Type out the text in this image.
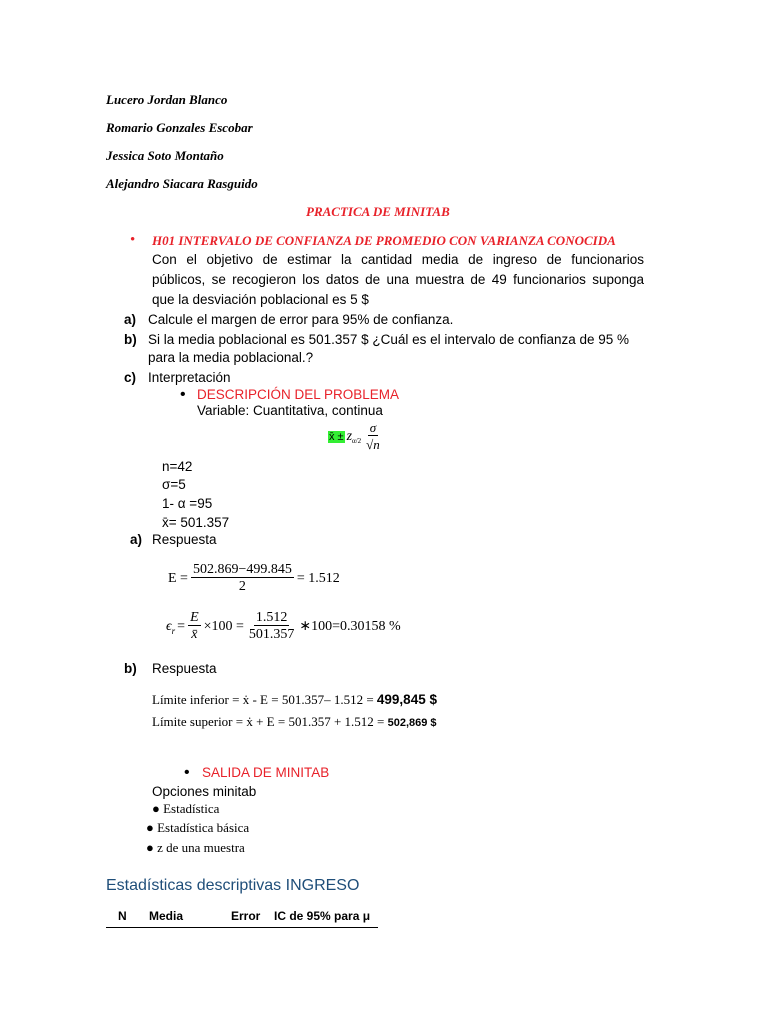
Lucero Jordan Blanco
Romario Gonzales Escobar
Jessica Soto Montaño
Alejandro Siacara Rasguido
PRACTICA DE MINITAB
• H01 INTERVALO DE CONFIANZA DE PROMEDIO CON VARIANZA CONOCIDA
Con el objetivo de estimar la cantidad media de ingreso de funcionarios
públicos, se recogieron los datos de una muestra de 49 funcionarios suponga
que la desviación poblacional es 5 $
a) Calcule el margen de error para 95% de confianza.
b) Si la media poblacional es 501.357 $ ¿Cuál es el intervalo de confianza de 95 %
para la media poblacional.?
c) Interpretación
• DESCRIPCIÓN DEL PROBLEMA
Variable: Cuantitativa, continua
x̄ ± z $\alpha/2 \frac{\sigma}{√n}$
n=42
σ=5
1- α =95
x̄= 501.357
a) Respuesta
$E = \frac{502.869-499.845}{2} = 1.512$
ϵ $r = \frac{E}{x̄} \times 100 = \frac{1.512}{501.357}$ ∗100=0.30158 %
b) Respuesta
Límite inferior = ẋ - E = 501.357– 1.512 = 499,845 $
Límite superior = ẋ + E = 501.357 + 1.512 = 502,869 $
• SALIDA DE MINITAB
Opciones minitab
● Estadística
● Estadística básica
● z de una muestra
Estadísticas descriptivas INGRESO
N Media	Error IC de 95% para μ
